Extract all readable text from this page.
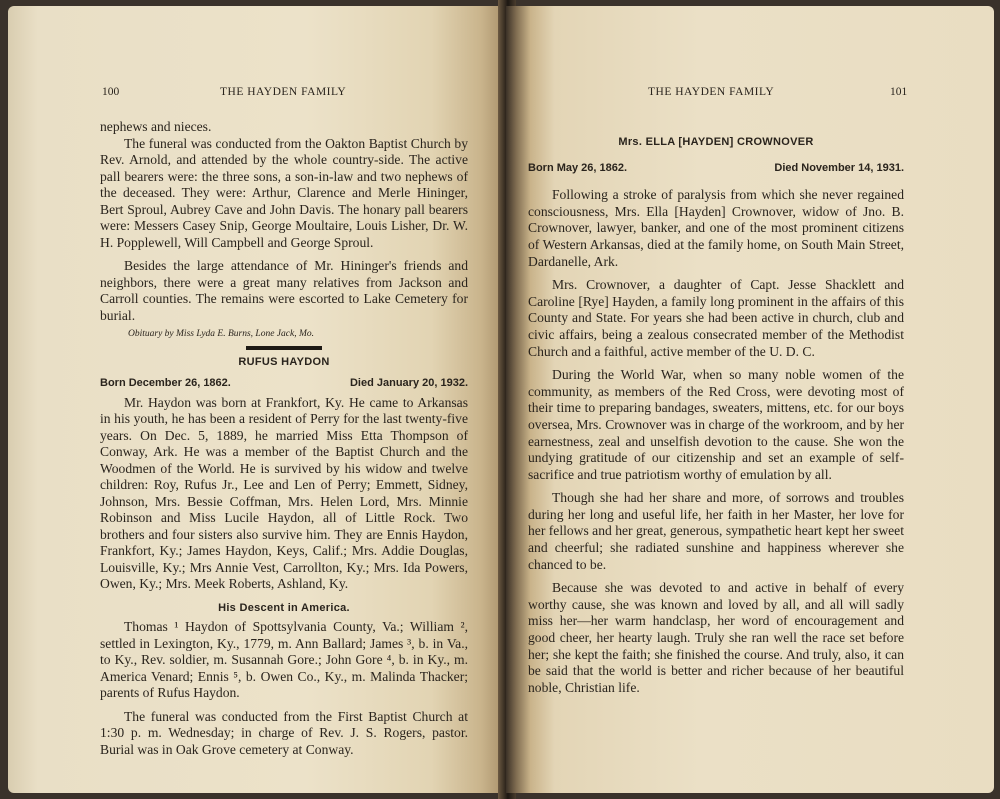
100	THE HAYDEN FAMILY

nephews and nieces.

The funeral was conducted from the Oakton Baptist Church by Rev. Arnold, and attended by the whole country-side. The active pall bearers were: the three sons, a son-in-law and two nephews of the deceased. They were: Arthur, Clarence and Merle Hininger, Bert Sproul, Aubrey Cave and John Davis. The honary pall bearers were: Messers Casey Snip, George Moultaire, Louis Lisher, Dr. W. H. Popplewell, Will Campbell and George Sproul.

Besides the large attendance of Mr. Hininger's friends and neighbors, there were a great many relatives from Jackson and Carroll counties. The remains were escorted to Lake Cemetery for burial.

Obituary by Miss Lyda E. Burns, Lone Jack, Mo.

RUFUS HAYDON
Born December 26, 1862.	Died January 20, 1932.

Mr. Haydon was born at Frankfort, Ky. He came to Arkansas in his youth, he has been a resident of Perry for the last twenty-five years. On Dec. 5, 1889, he married Miss Etta Thompson of Conway, Ark. He was a member of the Baptist Church and the Woodmen of the World. He is survived by his widow and twelve children: Roy, Rufus Jr., Lee and Len of Perry; Emmett, Sidney, Johnson, Mrs. Bessie Coffman, Mrs. Helen Lord, Mrs. Minnie Robinson and Miss Lucile Haydon, all of Little Rock. Two brothers and four sisters also survive him. They are Ennis Haydon, Frankfort, Ky.; James Haydon, Keys, Calif.; Mrs. Addie Douglas, Louisville, Ky.; Mrs Annie Vest, Carrollton, Ky.; Mrs. Ida Powers, Owen, Ky.; Mrs. Meek Roberts, Ashland, Ky.

His Descent in America.

Thomas ¹ Haydon of Spottsylvania County, Va.; William ², settled in Lexington, Ky., 1779, m. Ann Ballard; James ³, b. in Va., to Ky., Rev. soldier, m. Susannah Gore.; John Gore ⁴, b. in Ky., m. America Venard; Ennis ⁵, b. Owen Co., Ky., m. Malinda Thacker; parents of Rufus Haydon.

The funeral was conducted from the First Baptist Church at 1:30 p. m. Wednesday; in charge of Rev. J. S. Rogers, pastor. Burial was in Oak Grove cemetery at Conway.

THE HAYDEN FAMILY	101
Mrs. ELLA [HAYDEN] CROWNOVER
Born May 26, 1862.	Died November 14, 1931.

Following a stroke of paralysis from which she never regained consciousness, Mrs. Ella [Hayden] Crownover, widow of Jno. B. Crownover, lawyer, banker, and one of the most prominent citizens of Western Arkansas, died at the family home, on South Main Street, Dardanelle, Ark.

Mrs. Crownover, a daughter of Capt. Jesse Shacklett and Caroline [Rye] Hayden, a family long prominent in the affairs of this County and State. For years she had been active in church, club and civic affairs, being a zealous consecrated member of the Methodist Church and a faithful, active member of the U. D. C.

During the World War, when so many noble women of the community, as members of the Red Cross, were devoting most of their time to preparing bandages, sweaters, mittens, etc. for our boys oversea, Mrs. Crownover was in charge of the workroom, and by her earnestness, zeal and unselfish devotion to the cause. She won the undying gratitude of our citizenship and set an example of self-sacrifice and true patriotism worthy of emulation by all.

Though she had her share and more, of sorrows and troubles during her long and useful life, her faith in her Master, her love for her fellows and her great, generous, sympathetic heart kept her sweet and cheerful; she radiated sunshine and happiness wherever she chanced to be.

Because she was devoted to and active in behalf of every worthy cause, she was known and loved by all, and all will sadly miss her—her warm handclasp, her word of encouragement and good cheer, her hearty laugh. Truly she ran well the race set before her; she kept the faith; she finished the course. And truly, also, it can be said that the world is better and richer because of her beautiful noble, Christian life.
